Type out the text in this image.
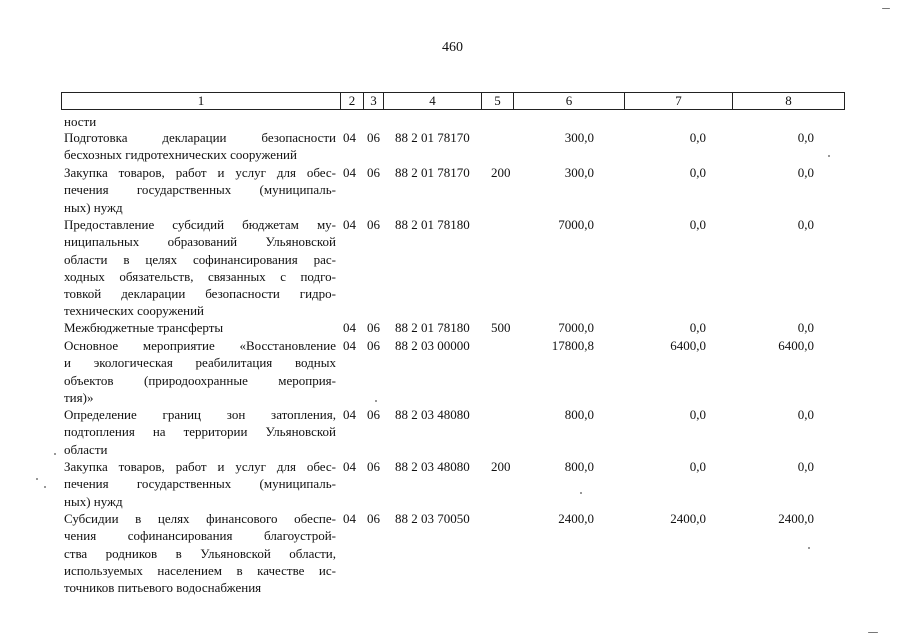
460
1	2	3	4	5	6	7	8
ности
Подготовка декларации безопасности
бесхозных гидротехнических сооружений
04 06 88 2 01 78170	300,0	0,0	0,0
Закупка товаров, работ и услуг для обес-
печения государственных (муниципаль-
ных) нужд
04 06 88 2 01 78170 200	300,0	0,0	0,0
Предоставление субсидий бюджетам му-
ниципальных образований Ульяновской
области в целях софинансирования рас-
ходных обязательств, связанных с подго-
товкой декларации безопасности гидро-
технических сооружений
04 06 88 2 01 78180	7000,0	0,0	0,0
Межбюджетные трансферты	04 06 88 2 01 78180 500	7000,0	0,0	0,0
Основное мероприятие «Восстановление
и экологическая реабилитация водных
объектов (природоохранные мероприя-
тия)»
04 06 88 2 03 00000	17800,8	6400,0	6400,0
Определение границ зон затопления,
подтопления на территории Ульяновской
области
04 06 88 2 03 48080	800,0	0,0	0,0
Закупка товаров, работ и услуг для обес-
печения государственных (муниципаль-
ных) нужд
04 06 88 2 03 48080 200	800,0	0,0	0,0
Субсидии в целях финансового обеспе-
чения софинансирования благоустрой-
ства родников в Ульяновской области,
используемых населением в качестве ис-
точников питьевого водоснабжения
04 06 88 2 03 70050	2400,0	2400,0	2400,0
